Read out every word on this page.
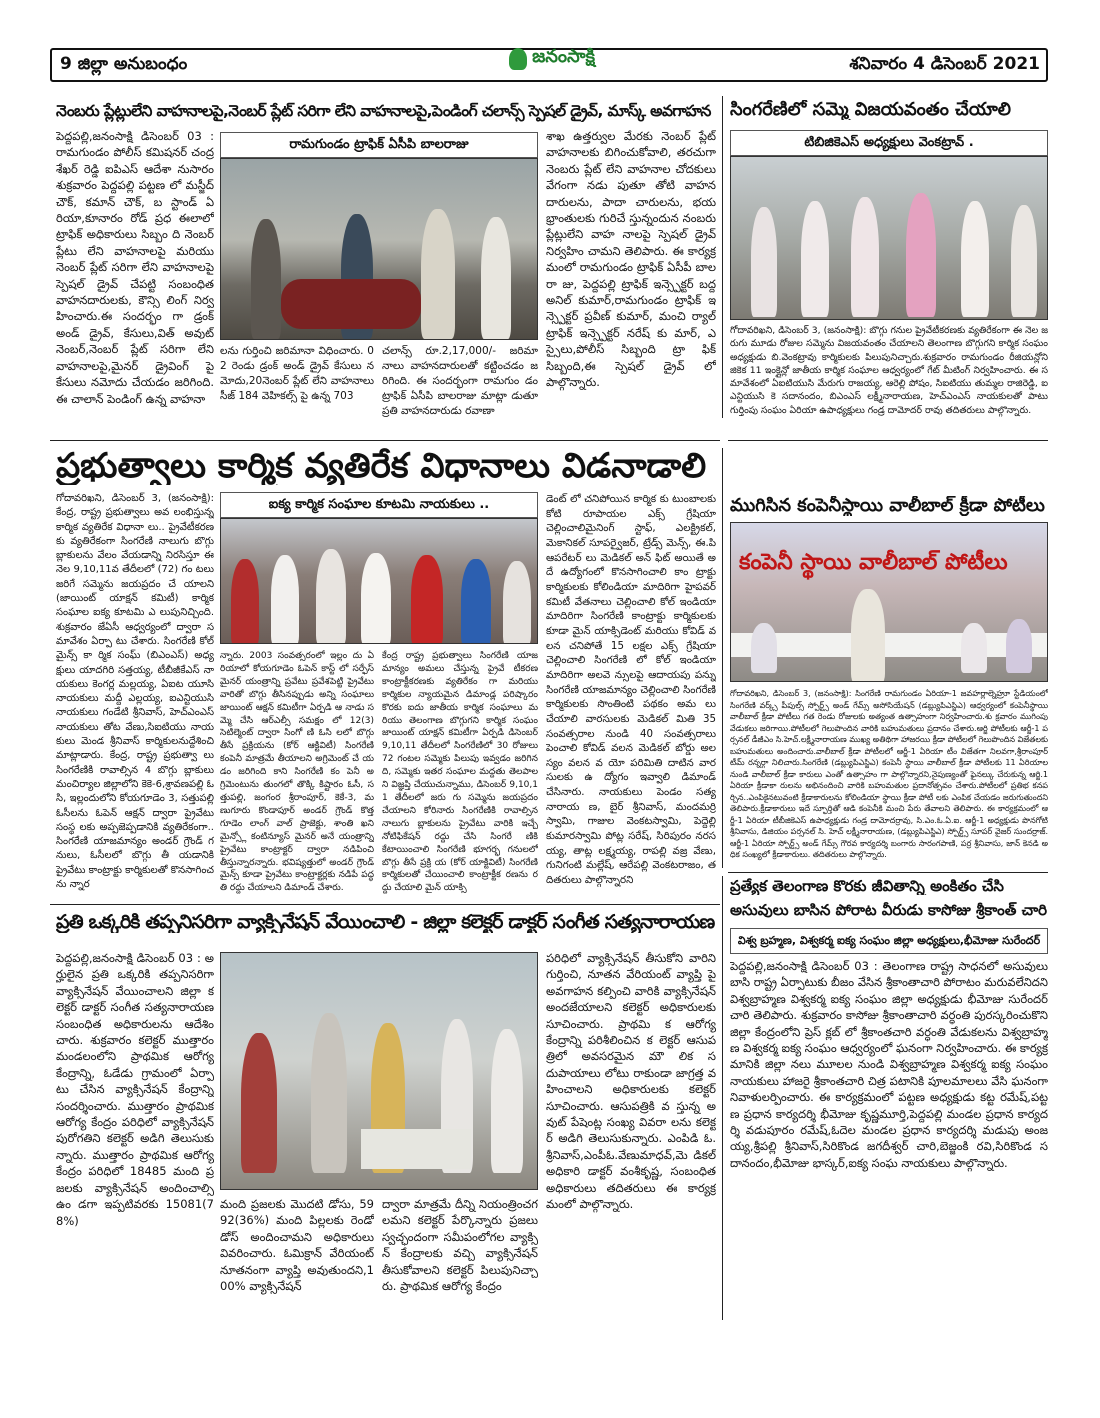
9 జిల్లా అనుబంధం	జనంసాక్షి	శనివారం 4 డిసెంబర్ 2021
నెంబరు ప్లేట్లులేని వాహనాలపై,నెంబర్ ప్లేట్ సరిగా లేని వాహనాలపై,పెండింగ్ చలాన్స్ స్పెషల్ డ్రైవ్, మాస్క్ అవగాహన
పెద్దపల్లి,జనంసాక్షి డిసెంబర్ 03 : రామగుండం పోలీస్ కమిషనర్ చంద్రశేఖర్ రెడ్డి ఐపిఎస్ ఆదేశా నుసారం శుక్రవారం పెద్దపల్లి పట్టణ లో మస్జీద్ చౌక్, కమాన్ చౌక్, బ స్టాండ్ ఏరియా,కూనారం రోడ్ ప్రధ ఈలాలో ట్రాఫిక్ అధికారులు సిబ్బం ది నెంబర్ ప్లేటు లేని వాహనాలపై మరియు నెంబర్ ప్లేట్ సరిగా లేని వాహనాలపై స్పెషల్ డ్రైవ్ చేపట్టి సంబంధిత వాహనదారులకు, కౌన్సి లింగ్ నిర్వహించారు.ఈ సందర్భం గా డ్రంక్ అండ్ డ్రైవ్, కేసులు,విత్ అవుట్ నెంబర్,నెంబర్ ప్లేట్ సరిగా లేని వాహనాలపై,మైనర్ డ్రైవింగ్ పై కేసులు నమోదు చేయడం జరిగింది. ఈ చాలాన్ పెండింగ్ ఉన్న వాహనా
రామగుండం ట్రాఫిక్ ఏసీపి బాలరాజు
లను గుర్తించి జరిమానా విధించారు. 02 రెండు డ్రంక్ అండ్ డ్రైవ్ కేసులు నమోదు,20నెంబర్ ప్లేట్ లేని వాహనాలు సీజ్ 184 వెహికల్స్ పై ఉన్న 703
చలాన్స్ రూ.2,17,000/- జరిమా నాలు వాహనదారులతో కట్టించడం జరిగింది. ఈ సందర్భంగా రామగుం డం ట్రాఫిక్ ఏసీపి బాలరాజు మాట్లా డుతూ ప్రతి వాహనదారుడు రవాణా
శాఖ ఉత్తర్వుల మేరకు నెంబర్ ప్లేట్ వాహనాలకు బిగించుకోవాలి, తరచుగా నెంబరు ప్లేట్ లేని వాహనాల చోదకులు వేగంగా నడు పుతూ తోటి వాహనదారులను, పాదా చారులను, భయభ్రాంతులకు గురిచే స్తున్నందున నంబరు ప్లేట్లులేని వాహ నాలపై స్పెషల్ డ్రైవ్ నిర్వహిం చామని తెలిపారు. ఈ కార్యక్రమంలో రామగుండం ట్రాఫిక్ ఏసీపీ బాలరా జు, పెద్దపల్లి ట్రాఫిక్ ఇన్స్పెక్టర్ బద్ద అనిల్ కుమార్,రామగుండం ట్రాఫిక్ ఇన్స్పెక్టర్ ప్రవీణ్ కుమార్, మంచి ర్యాల్ ట్రాఫిక్ ఇన్స్పెక్టర్ నరేష్ కు మార్, ఎస్సైలు,పోలీస్ సిబ్బంది ట్రా ఫిక్ సిబ్బంది,ఈ స్పెషల్ డ్రైవ్ లో పాల్గొన్నారు.
సింగరేణిలో సమ్మె విజయవంతం చేయాలి
టిబిజికెఎస్ అధ్యక్షులు వెంకట్రావ్ .
గోదావరిఖని, డిసెంబర్ 3, (జనంసాక్షి): బొగ్గు గనుల ప్రైవేటీకరణకు వ్యతిరేకంగా ఈ నెల జరుగు మూడు రోజుల సమ్మెను విజయవంతం చేయాలని తెలంగాణ బొగ్గుగని కార్మిక సంఘం అధ్యక్షుడు బి.వెంకట్రావు కార్మికులకు పిలుపునిచ్చారు.శుక్రవారం రామగుండం రీజియన్లోని జికెక 11 ఇంక్లైన్లో జాతీయ కార్మిక సంఘాల ఆధ్వర్యంలో గేట్ మీటింగ్ నిర్వహించారు. ఈ సమావేశంలో ఏఐటియుసి మేరుగు రాజయ్య, ఆరెల్లి పోషం, సిఐటియు తుమ్మల రాజిరెడ్డి, ఐఎన్టియుసి కె సదానందం, బిఎంఎస్ లక్ష్మీనారాయణ, హెచ్ఎంఎస్ నాయకులతో పాటు గుర్తింపు సంఘం ఏరియా ఉపాధ్యక్షులు గండ్ర దామోదర్ రావు తదితరులు పాల్గొన్నారు.
ప్రభుత్వాలు కార్మిక వ్యతిరేక విధానాలు విడనాడాలి
గోదావరిఖని, డిసెంబర్ 3, (జనంసాక్షి): కేంద్ర, రాష్ట్ర ప్రభుత్వాలు అవ లంభిస్తున్న కార్మిక వ్యతిరేక విధానా లు.. ప్రైవేటీకరణకు వ్యతిరేకంగా సింగరేణి నాలుగు బొగ్గు బ్లాకులను వేలం వేయడాన్ని నిరసిస్తూ ఈ నెల 9,10,11వ తేదీలలో (72) గం టలు జరిగే సమ్మెను జయప్రదం చే యాలని (జాయింట్ యాక్షన్ కమిటీ) కార్మిక సంఘాల ఐక్య కూటమి ఎ లుపునిచ్చింది.శుక్రవారం జేఏసీ ఆధ్వర్యంలో ద్వారా సమావేశం ఏర్పా టు చేశారు. సింగరేణి కోల్ మైన్స్ కా ర్మిక సంఘ్ (బిఎంఎస్) అధ్యక్షులు యాదగిరి సత్తయ్య, టీబీజీకేఎస్ నా యకులు కెంగర్ల మల్లయ్య, ఏఐట యూసి నాయకులు మద్దీ ఎల్లయ్య, ఐఎన్టియుసి నాయకులు గండేటి శ్రీనివాస్, హెచ్ఎంఎస్ నాయకులు తోట వేణు,సిఐటియు నాయకులు మెండ శ్రీనివాస్ కార్మికులనుద్దేశించి మాట్లాడారు. కేంద్ర, రాష్ట్ర ప్రభుత్వా లు సింగరేణికి రావాల్సిన 4 బొగ్గు బ్లాకులు మంచిర్యాల జిల్లాలోని కెకె-6,శ్రావణపల్లి ఓసి, ఇల్లందులోని కోయగూడెం 3, సత్తుపల్లి ఓసీలను ఓపెన్ ఆక్షన్ ద్వారా ప్రైవేటు సంస్థ లకు అప్పజెప్పడానికి వ్యతిరేకంగా.. సింగరేణి యాజమాన్యం అండర్ గ్రౌండ్ గనులు, ఓసీలలో బొగ్గు తీ యడానికి ప్రైవేటు కాంట్రాక్టు కార్మికులతో కొనసాగించను న్నార
ఐక్య కార్మిక సంఘాల కూటమి నాయకులు ..
న్నారు. 2003 సంవత్సరంలో ఇల్లం దు ఏరియాలో కోయగూడెం ఓపెన్ కాస్ట్ లో సర్ఫేస్ మైనర్ యంత్రాన్ని ప్రవేటు ప్రవేశపెట్టి ప్రైవేటు వారితో బొగ్గు తీసినప్పుడు అన్ని సంఘాలు జాయింట్ ఆక్షన్ కమిటీగా ఏర్పడి ఆ నాడు సమ్మె చేసి ఆర్ఎల్సీ సమక్షం లో 12(3) సెటిల్మెంట్ ద్వారా సింగో ణి ఓసి లలో బొగ్గు తీసే ప్రక్రియను (కోర్ ఆక్టివిటీ) సింగరేణి కంపెనీ మాత్రమే తీయాలని అగ్రిమెంట్ చే యడం జరిగింది కాని సింగరేణి కం పెనీ అగ్రిమెంటును తుంగలో తొక్కి కిష్టారం ఓసీ, సత్తుపల్లి, జంగంర శ్రీరాంపూర్, కెకే-3, మణుగూరు కొండాపూర్ అండర్ గ్రౌండ్ కొత్త గూడెం లాంగ్ వాల్ ప్రాజెక్టు, శాంతి ఖని మైన్స్లో కంటిన్యూస్ మైనర్ అనే యంత్రాన్ని ప్రైవేటు కాంట్రాక్టర్ ద్వారా నడిపించి తీస్తున్నారన్నారు. భవిష్యత్తులో అండర్ గ్రౌండ్ మైన్స్ కూడా ప్రైవేటు కాంట్రాక్టర్లకు నడిపే పద్ధతి రద్దు చేయాలని డిమాండ్ చేశారు.
కేంద్ర రాష్ట్ర ప్రభుత్వాలు సింగరేణి యాజమాన్యం అమలు చేస్తున్న ప్రైవే టీకరణ కాంట్రాక్టీకరణకు వ్యతిరేకం గా మరియు కార్మికుల న్యాయమైన డిమాండ్ల పరిష్కారం కొరకు ఐదు జాతీయ కార్మిక సంఘాలు మరియు తెలంగాణ బొగ్గుగని కార్మిక సంఘం జాయింట్ యాక్షన్ కమిటీగా ఏర్పడి డిసెంబర్ 9,10,11 తేదీలలో సింగరేణిలో 30 రోజులు 72 గంటల సమ్మెకు పిలుపు ఇవ్వడం జరిగినది, సమ్మెకు ఇతర సంఘాల మద్దతు తెలపాలని విజ్ఞప్తి చేయుచున్నాము, డిసెంబర్ 9,10,11 తేదీలలో జరు గు సమ్మెను జయప్రదం చేయాలని కోరినారు సింగరేణికి రావాల్సిన నాలుగు బ్లాకులను ప్రైవేటు వారికి ఇచ్చే నోటిఫికేషన్ రద్దు చేసి సింగరే ణికి కేటాయించాలి సింగరేణి భూగర్భ గనులలో బొగ్గు తీసే ప్రక్రి య (కోర్ యాక్టివిటీ) సింగరేణి కార్మికులతో చేయించాలి కాంట్రాక్టీక రణను రద్దు చేయాలి మైన్ యాక్సి
డెంట్ లో చనిపోయిన కార్మిక కు టుంబాలకు కోటి రూపాయల ఎక్స్ గ్రేషియా చెల్లించాలిమైనింగ్ స్టాఫ్, ఎలక్ట్రికల్, మెకానికల్ సూపర్వైజర్, ట్రేడ్స్ మెన్స్, ఈ.పి ఆపరేటర్ లు మెడికల్ అన్ ఫిట్ అయితే అదే ఉద్యోగంలో కొనసాగించాలి కాం ట్రాక్టు కార్మికులకు కోలిండియా మాదిరిగా హైపవర్ కమిటీ వేతనాలు చెల్లించాలి కోల్ ఇండియా మాదిరిగా సింగరేణి కాంట్రాక్టు కార్మికులకు కూడా మైన్ యాక్సిడెంట్ మరియు కోవిడ్ వలన చనిపోతే 15 లక్షల ఎక్స్ గ్రేషియా చెల్లించాలి సింగరేణి లో కోల్ ఇండియా మాదిరిగా అలవె న్సులపై ఆదాయపు పన్ను సింగరేణి యాజమాన్యం చెల్లించాలి సింగరేణి కార్మికులకు సొంతింటి పథకం అమ లు చేయాలి వారసులకు మెడికల్ మితి 35 సంవత్సరాల నుండి 40 సంవత్సరాలు పెంచాలి కోవిడ్ వలన మెడికల్ బోర్డు అలస్యం వలన వ యో పరిమితి దాటిన వారసులకు ఉ ద్యోగం ఇవ్వాలి డిమాండ్ చేసినారు. నాయకులు పెండం సత్యనారాయ ణ, బైర్ శ్రీనివాస్, మందమర్రి స్వామి, గాజుల వెంకటస్వామి, పెద్దెల్లి కుమారస్వామి పోట్ల సరేష్, సిరిపురం నరసయ్య, తాట్ల లక్ష్మయ్య, రాపల్లి వజ్ర వేణు, గునిగంటి మల్లేష్, ఆరేపల్లి వెంకటరాజం, తదితరులు పాల్గొన్నారని
ముగిసిన కంపెనీస్థాయి వాలీబాల్ క్రీడా పోటీలు
కంపెనీ స్థాయి వాలీబాల్ పోటీలు
గోదావరిఖని, డిసెంబర్ 3, (జనంసాక్షి): సింగరేణి రామగుండం ఏరియా-1 జవహర్లాల్నెహ్రూ స్టేడియంలో సింగరేణి వర్క్స్ పీపుల్స్ స్పోర్ట్స్ అండ్ గేమ్స్ అసోసియేషన్ (డబ్ల్యుపిఎస్జిఎ) ఆధ్వర్యంలో కంపెనీస్థాయి వాలీబాల్ క్రీడా పోటీలు గత రెండు రోజులకు అత్యంత ఉత్సాహంగా నిర్వహించారు.శు క్రవారం ముగింపు వేడుకలు జరిగాయి.పోటీలలో గెలుపొందిన వారికి బహుమతులు ప్రదానం చేశారు.ఆర్జి పోటీలకు ఆర్జీ-1 పర్సనల్ డీజీఎం సి.హెచ్.లక్ష్మీనారాయణ ముఖ్య అతిథిగా హాజరయి క్రీడా పోటీలలో గెలుపొందిన విజేతలకు బహుమతులు అందించారు.వాలీబాల్ క్రీడా పోటీలలో ఆర్జీ-1 ఏరియా టీం విజేతగా నిలవగా,శ్రీరాంపూర్ టీమ్ రన్నర్గా నిలిచారు.సింగరేణి (డబ్ల్యుపిఎస్జిఎ) కంపెనీ స్థాయి వాలీబాల్ క్రీడా పోటీలకు 11 ఏరియాల నుండి వాలీబాల్ క్రీడా కారులు ఎంతో ఉత్సాహం గా పాల్గొన్నారని,నైపుణ్యంతో ఫైనల్కు చేరుకున్న ఆర్జి.1 ఏరియా క్రీడాకా రులను అభినందించి వారికి బహుమతుల ప్రదానోత్సవం చేశారు.పోటీలలో ప్రతిభ కనపర్చిన..ఎంపికైనటువంటి క్రీడాకారులను కోలిండియా స్థాయి క్రీడా పోటీ లకు ఎంపిక చేయడం జరుగుతుందని తెలిపారు.క్రీడాకారులు ఇదే స్ఫూర్తితో ఆడి కంపెనీకి మంచి పేరు తేవాలని తెలిపారు. ఈ కార్యక్రమంలో ఆర్జీ-1 ఏరియా టీబీజికెఎస్ ఉపాధ్యక్షుడు గండ్ర దామోదర్రావు, సి.ఎం.ఓ.ఏ.ఐ. ఆర్జీ-1 అధ్యక్షుడు పొనగోటి శ్రీనివాసు, డిజియం పర్సనల్ సి. హెచ్ లక్ష్మీనారాయణ, (డబ్ల్యుపిఎస్జిఎ) స్పోర్ట్స్ సూపర్ వైజర్ సుందర్రాజ్. ఆర్జీ-1 ఏరియా స్పోర్ట్స్ అండ్ గేమ్స్ గౌరవ కార్యదర్శి బంగారు సారంగపాణి, పర్ర శ్రీనివాసు, జాన్ కెనడి అధిక సంఖ్యలో క్రీడాకారులు. తదితరులు పాల్గొన్నారు.
ప్రతి ఒక్కరికి తప్పనిసరిగా వ్యాక్సినేషన్ వేయించాలి - జిల్లా కలెక్టర్ డాక్టర్ సంగీత సత్యనారాయణ
పెద్దపల్లి,జనంసాక్షి డిసెంబర్ 03 : అర్హులైన ప్రతి ఒక్కరికి తప్పనిసరిగా వ్యాక్సినేషన్ వేయించాలని జిల్లా క లెక్టర్ డాక్టర్ సంగీత సత్యనారాయణ సంబంధిత అధికారులను ఆదేశిం చారు. శుక్రవారం కలెక్టర్ ముత్తారం మండలంలోని ప్రాథమిక ఆరోగ్య కేంద్రాన్ని, ఓడేడు గ్రామంలో ఏర్పా టు చేసిన వ్యాక్సినేషన్ కేంద్రాన్ని సందర్శించారు. ముత్తారం ప్రాథమిక ఆరోగ్య కేంద్రం పరిధిలో వ్యాక్సినేషన్ పురోగతిని కలెక్టర్ అడిగి తెలుసుకు న్నారు. ముత్తారం ప్రాథమిక ఆరోగ్య కేంద్రం పరిధిలో 18485 మంది ప్ర జలకు వ్యాక్సినేషన్ అందించాల్సి ఉం డగా ఇప్పటివరకు 15081(78%)
మంది ప్రజలకు మొదటి డోసు, 5992(36%) మంది పిల్లలకు రెండో డోస్ అందించామని అధికారులు వివరించారు. ఓమిక్రాన్ వేరియంట్ నూతనంగా వ్యాప్తి అవుతుందని,100% వ్యాక్సినేషన్
ద్వారా మాత్రమే దీన్ని నియంత్రించగ లమని కలెక్టర్ పేర్కొన్నారు ప్రజలు స్వచ్ఛందంగా సమీపంలోగల వ్యాక్సి న్ కేంద్రాలకు వచ్చి వ్యాక్సినేషన్ తీసుకోవాలని కలెక్టర్ పిలుపునిచ్చా రు. ప్రాథమిక ఆరోగ్య కేంద్రం
పరిధిలో వ్యాక్సినేషన్ తీసుకోని వారిని గుర్తించి, నూతన వేరియంట్ వ్యాప్తి పై అవగాహన కల్పించి వారికి వ్యాక్సినేషన్ అందజేయాలని కలెక్టర్ అధికారులకు సూచించారు. ప్రాథమి క ఆరోగ్య కేంద్రాన్ని పరిశీలించిన క లెక్టర్ ఆసుపత్రిలో అవసరమైన మౌ లిక సదుపాయాలు లోటు రాకుండా జాగ్రత్త వహించాలని అధికారులకు కలెక్టర్ సూచించారు. ఆసుపత్రికి వ స్తున్న అవుట్ పేషెంట్ల సంఖ్య వివరా లను కలెక్టర్ అడిగి తెలుసుకున్నారు. ఎంపిడి ఓ.శ్రీనివాస్,ఎంపీఓ.వేణుమాధవ్,మె డికల్ అధికారి డాక్టర్ వంశీకృష్ణ, సంబంధిత అధికారులు తదితరులు ఈ కార్యక్రమంలో పాల్గొన్నారు.
ప్రత్యేక తెలంగాణ కొరకు జీవితాన్ని అంకితం చేసి
అసువులు బాసిన పోరాట వీరుడు కాసోజు శ్రీకాంత్ చారి
విశ్వ బ్రహ్మణ, విశ్వకర్మ ఐక్య సంఘం జిల్లా అధ్యక్షులు,భీమోజు సురేందర్
పెద్దపల్లి,జనంసాక్షి డిసెంబర్ 03 : తెలంగాణ రాష్ట్ర సాధనలో అసువులు బాసి రాష్ట్ర ఏర్పాటుకు బీజం వేసిన శ్రీకాంతాచారి పోరాటం మరువలేనిదని విశ్వబ్రాహ్మణ విశ్వకర్మ ఐక్య సంఘం జిల్లా అధ్యక్షుడు భీమోజు సురేందర్ చారి తెలిపారు. శుక్రవారం కాసోజు శ్రీకాంతాచారి వర్ధంతి పురస్కరించుకొని జిల్లా కేంద్రంలోని ప్రెస్ క్లబ్ లో శ్రీకాంతచారి వర్ధంతి వేడుకలను విశ్వబ్రాహ్మణ విశ్వకర్మ ఐక్య సంఘం ఆధ్వర్యంలో ఘనంగా నిర్వహించారు. ఈ కార్యక్రమానికి జిల్లా నలు మూలల నుండి విశ్వబ్రాహ్మణ విశ్వకర్మ ఐక్య సంఘం నాయకులు హాజరై శ్రీకాంతచారి చిత్ర పటానికి పూలమాలలు వేసి ఘనంగా నివాళులర్పించారు. ఈ కార్యక్రమంలో పట్టణ అధ్యక్షుడు కట్ట రమేష్,పట్టణ ప్రధాన కార్యదర్శి భీమోజు కృష్ణమూర్తి,పెద్దపల్లి మండల ప్రధాన కార్యదర్శి వడుపూరం రమేష్,ఓదెల మండల ప్రధాన కార్యదర్శి మడుపు అంజయ్య,శ్రీపల్లి శ్రీనివాస్,సిరికొండ జగదీశ్వర్ చారి,బెజ్జంకి రవి,సిరికొండ సదానందం,భీమోజు భాస్కర్,ఐక్య సంఘ నాయకులు పాల్గొన్నారు.
